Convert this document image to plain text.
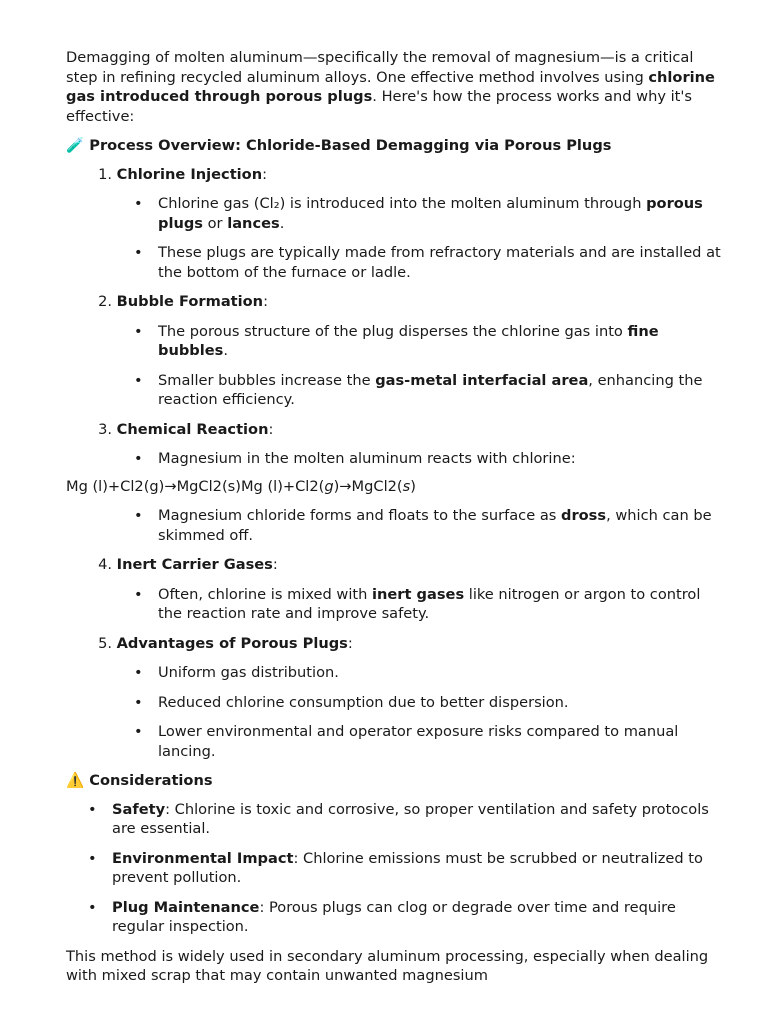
Demagging of molten aluminum—specifically the removal of magnesium—is a critical step in refining recycled aluminum alloys. One effective method involves using chlorine gas introduced through porous plugs. Here's how the process works and why it's effective:

🧪 Process Overview: Chloride-Based Demagging via Porous Plugs

1. Chlorine Injection:
• Chlorine gas (Cl₂) is introduced into the molten aluminum through porous plugs or lances.
• These plugs are typically made from refractory materials and are installed at the bottom of the furnace or ladle.
2. Bubble Formation:
• The porous structure of the plug disperses the chlorine gas into fine bubbles.
• Smaller bubbles increase the gas-metal interfacial area, enhancing the reaction efficiency.
3. Chemical Reaction:
• Magnesium in the molten aluminum reacts with chlorine:

Mg (l)+Cl2(g)→MgCl2(s)Mg (l)+Cl2(g)→MgCl2(s)

• Magnesium chloride forms and floats to the surface as dross, which can be skimmed off.
4. Inert Carrier Gases:
• Often, chlorine is mixed with inert gases like nitrogen or argon to control the reaction rate and improve safety.
5. Advantages of Porous Plugs:
• Uniform gas distribution.
• Reduced chlorine consumption due to better dispersion.
• Lower environmental and operator exposure risks compared to manual lancing.

⚠️ Considerations

• Safety: Chlorine is toxic and corrosive, so proper ventilation and safety protocols are essential.
• Environmental Impact: Chlorine emissions must be scrubbed or neutralized to prevent pollution.
• Plug Maintenance: Porous plugs can clog or degrade over time and require regular inspection.

This method is widely used in secondary aluminum processing, especially when dealing with mixed scrap that may contain unwanted magnesium
